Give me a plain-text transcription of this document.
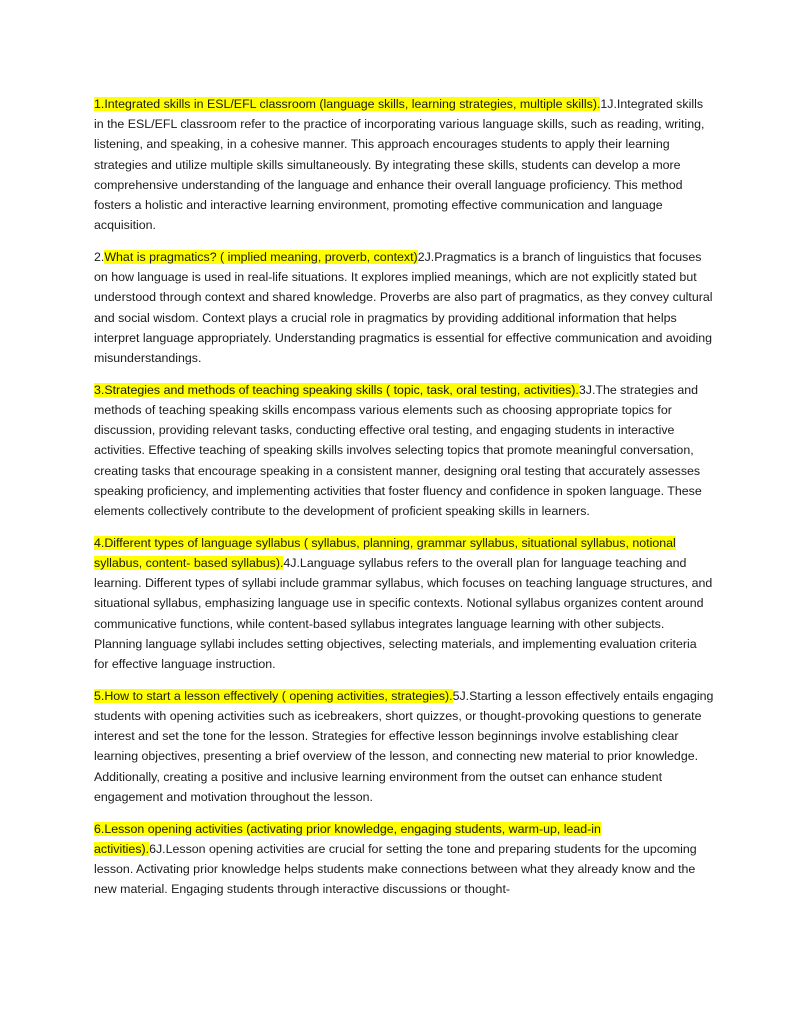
1.Integrated skills in ESL/EFL classroom (language skills, learning strategies, multiple skills).1J.Integrated skills in the ESL/EFL classroom refer to the practice of incorporating various language skills, such as reading, writing, listening, and speaking, in a cohesive manner. This approach encourages students to apply their learning strategies and utilize multiple skills simultaneously. By integrating these skills, students can develop a more comprehensive understanding of the language and enhance their overall language proficiency. This method fosters a holistic and interactive learning environment, promoting effective communication and language acquisition.

2.What is pragmatics? ( implied meaning, proverb, context)2J.Pragmatics is a branch of linguistics that focuses on how language is used in real-life situations. It explores implied meanings, which are not explicitly stated but understood through context and shared knowledge. Proverbs are also part of pragmatics, as they convey cultural and social wisdom. Context plays a crucial role in pragmatics by providing additional information that helps interpret language appropriately. Understanding pragmatics is essential for effective communication and avoiding misunderstandings.

3.Strategies and methods of teaching speaking skills ( topic, task, oral testing, activities).3J.The strategies and methods of teaching speaking skills encompass various elements such as choosing appropriate topics for discussion, providing relevant tasks, conducting effective oral testing, and engaging students in interactive activities. Effective teaching of speaking skills involves selecting topics that promote meaningful conversation, creating tasks that encourage speaking in a consistent manner, designing oral testing that accurately assesses speaking proficiency, and implementing activities that foster fluency and confidence in spoken language. These elements collectively contribute to the development of proficient speaking skills in learners.

4.Different types of language syllabus ( syllabus, planning, grammar syllabus, situational syllabus, notional syllabus, content- based syllabus).4J.Language syllabus refers to the overall plan for language teaching and learning. Different types of syllabi include grammar syllabus, which focuses on teaching language structures, and situational syllabus, emphasizing language use in specific contexts. Notional syllabus organizes content around communicative functions, while content-based syllabus integrates language learning with other subjects. Planning language syllabi includes setting objectives, selecting materials, and implementing evaluation criteria for effective language instruction.

5.How to start a lesson effectively ( opening activities, strategies).5J.Starting a lesson effectively entails engaging students with opening activities such as icebreakers, short quizzes, or thought-provoking questions to generate interest and set the tone for the lesson. Strategies for effective lesson beginnings involve establishing clear learning objectives, presenting a brief overview of the lesson, and connecting new material to prior knowledge. Additionally, creating a positive and inclusive learning environment from the outset can enhance student engagement and motivation throughout the lesson.

6.Lesson opening activities (activating prior knowledge, engaging students, warm-up, lead-in activities).6J.Lesson opening activities are crucial for setting the tone and preparing students for the upcoming lesson. Activating prior knowledge helps students make connections between what they already know and the new material. Engaging students through interactive discussions or thought-
